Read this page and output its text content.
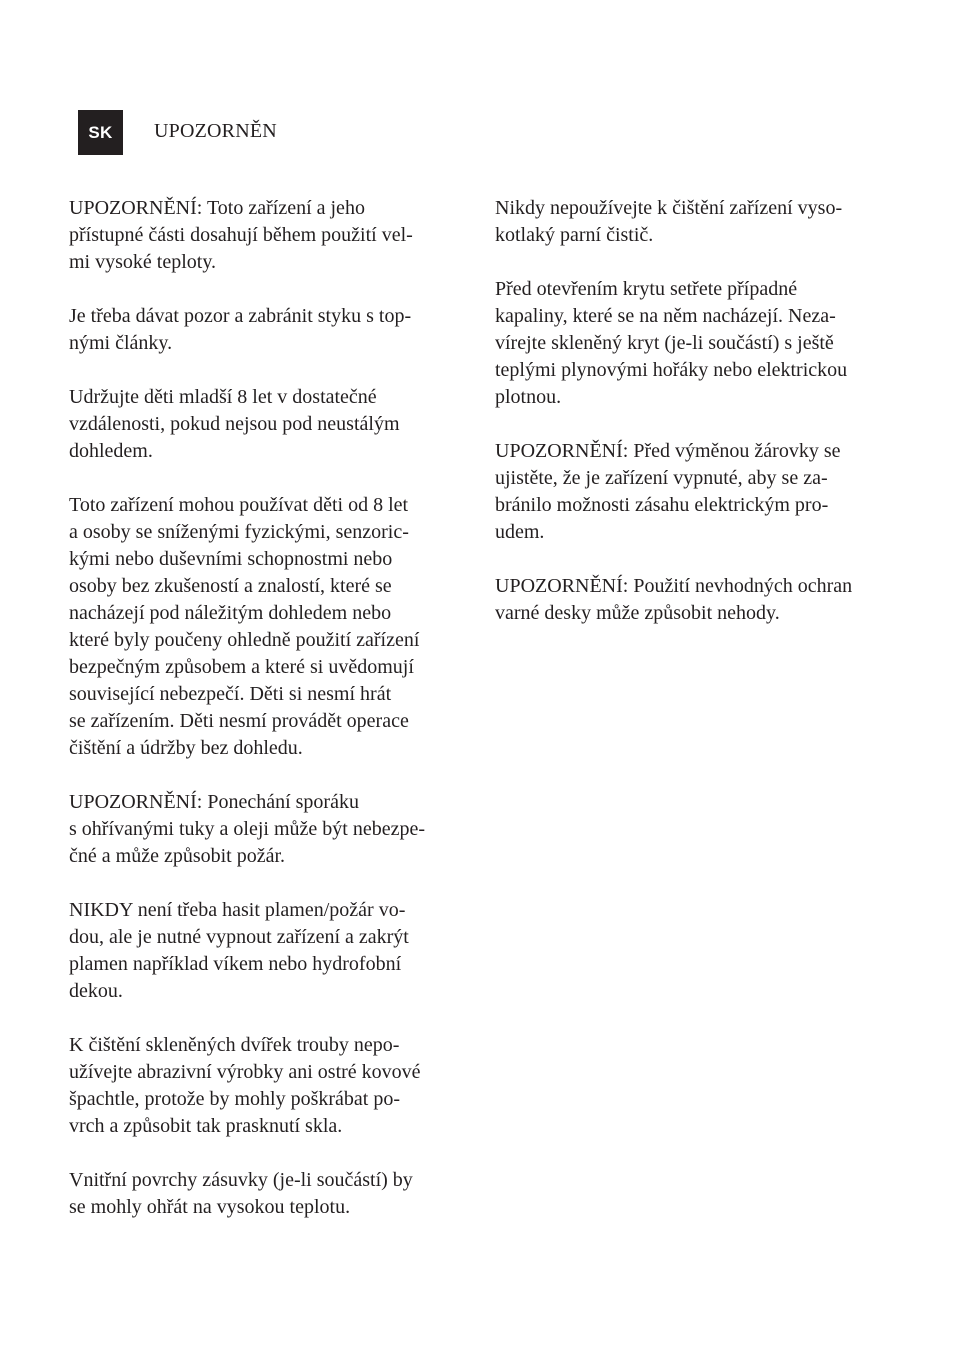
SK	UPOZORNĚN

UPOZORNĚNÍ: Toto zařízení a jeho
přístupné části dosahují během použití vel-
mi vysoké teploty.

Je třeba dávat pozor a zabránit styku s top-
nými články.

Udržujte děti mladší 8 let v dostatečné
vzdálenosti, pokud nejsou pod neustálým
dohledem.

Toto zařízení mohou používat děti od 8 let
a osoby se sníženými fyzickými, senzoric-
kými nebo duševními schopnostmi nebo
osoby bez zkušeností a znalostí, které se
nacházejí pod náležitým dohledem nebo
které byly poučeny ohledně použití zařízení
bezpečným způsobem a které si uvědomují
související nebezpečí. Děti si nesmí hrát
se zařízením. Děti nesmí provádět operace
čištění a údržby bez dohledu.

UPOZORNĚNÍ: Ponechání sporáku
s ohřívanými tuky a oleji může být nebezpe-
čné a může způsobit požár.

NIKDY není třeba hasit plamen/požár vo-
dou, ale je nutné vypnout zařízení a zakrýt
plamen například víkem nebo hydrofobní
dekou.

K čištění skleněných dvířek trouby nepo-
užívejte abrazivní výrobky ani ostré kovové
špachtle, protože by mohly poškrábat po-
vrch a způsobit tak prasknutí skla.

Vnitřní povrchy zásuvky (je-li součástí) by
se mohly ohřát na vysokou teplotu.

Nikdy nepoužívejte k čištění zařízení vyso-
kotlaký parní čistič.

Před otevřením krytu setřete případné
kapaliny, které se na něm nacházejí. Neza-
vírejte skleněný kryt (je-li součástí) s ještě
teplými plynovými hořáky nebo elektrickou
plotnou.

UPOZORNĚNÍ: Před výměnou žárovky se
ujistěte, že je zařízení vypnuté, aby se za-
bránilo možnosti zásahu elektrickým pro-
udem.

UPOZORNĚNÍ: Použití nevhodných ochran
varné desky může způsobit nehody.
